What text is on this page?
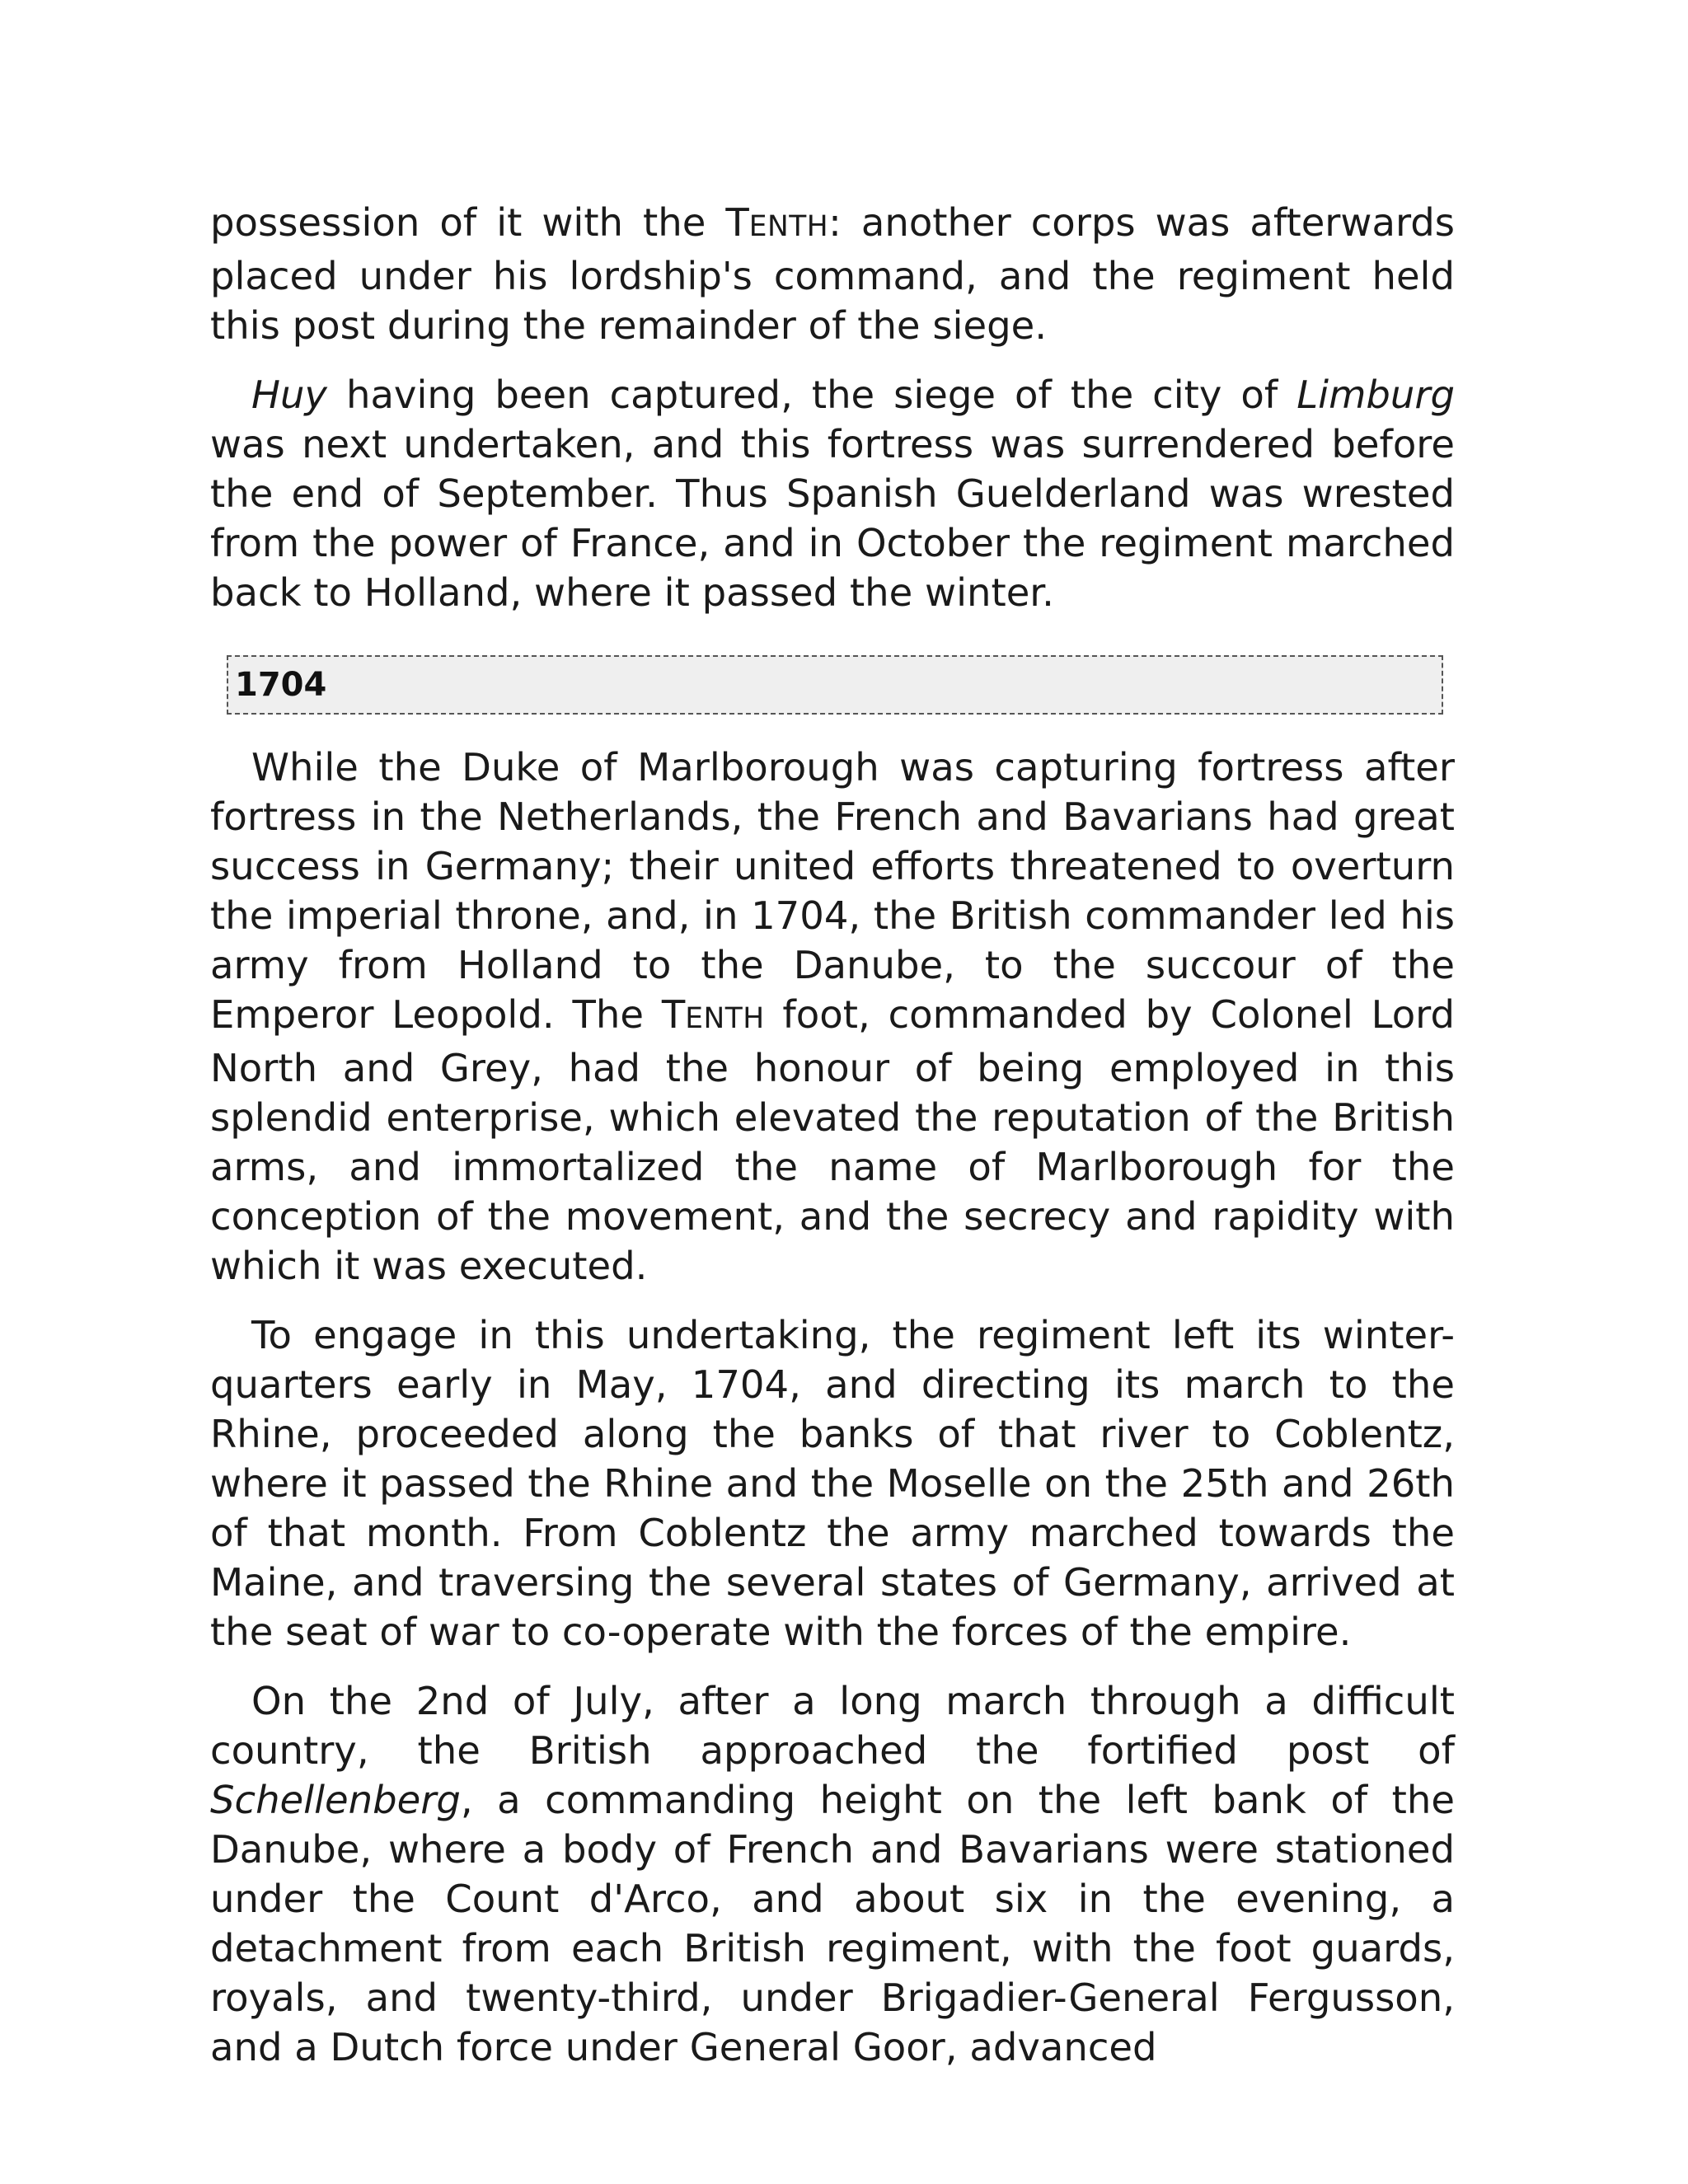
possession of it with the TENTH: another corps was afterwards placed under his lordship's command, and the regiment held this post during the remainder of the siege.

Huy having been captured, the siege of the city of Limburg was next undertaken, and this fortress was surrendered before the end of September. Thus Spanish Guelderland was wrested from the power of France, and in October the regiment marched back to Holland, where it passed the winter.

1704

While the Duke of Marlborough was capturing fortress after fortress in the Netherlands, the French and Bavarians had great success in Germany; their united efforts threatened to overturn the imperial throne, and, in 1704, the British commander led his army from Holland to the Danube, to the succour of the Emperor Leopold. The TENTH foot, commanded by Colonel Lord North and Grey, had the honour of being employed in this splendid enterprise, which elevated the reputation of the British arms, and immortalized the name of Marlborough for the conception of the movement, and the secrecy and rapidity with which it was executed.

To engage in this undertaking, the regiment left its winter-quarters early in May, 1704, and directing its march to the Rhine, proceeded along the banks of that river to Coblentz, where it passed the Rhine and the Moselle on the 25th and 26th of that month. From Coblentz the army marched towards the Maine, and traversing the several states of Germany, arrived at the seat of war to co-operate with the forces of the empire.

On the 2nd of July, after a long march through a difficult country, the British approached the fortified post of Schellenberg, a commanding height on the left bank of the Danube, where a body of French and Bavarians were stationed under the Count d'Arco, and about six in the evening, a detachment from each British regiment, with the foot guards, royals, and twenty-third, under Brigadier-General Fergusson, and a Dutch force under General Goor, advanced
